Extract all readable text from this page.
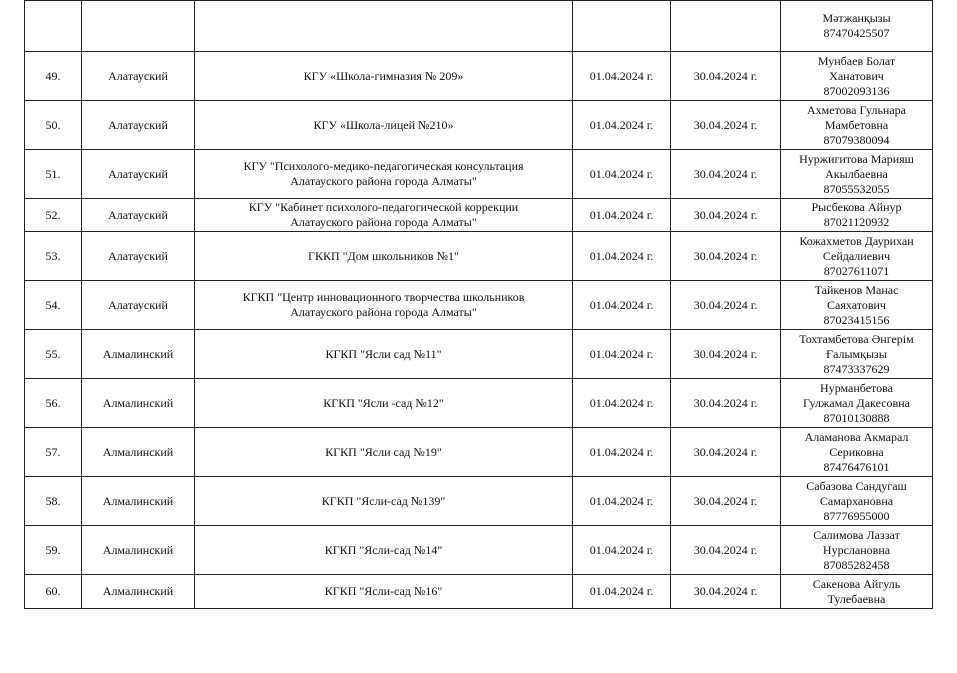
					Мәтжанқызы
87470425507
49.	Алатауский	КГУ «Школа-гимназия № 209»	01.04.2024 г.	30.04.2024 г.	Мунбаев Болат
Ханатович
87002093136
50.	Алатауский	КГУ «Школа-лицей №210»	01.04.2024 г.	30.04.2024 г.	Ахметова Гульнара
Мамбетовна
87079380094
51.	Алатауский	КГУ "Психолого-медико-педагогическая консультация
Алатауского района города Алматы"	01.04.2024 г.	30.04.2024 г.	Нуржигитова Марияш
Акылбаевна
87055532055
52.	Алатауский	КГУ "Кабинет психолого-педагогической коррекции
Алатауского района города Алматы"	01.04.2024 г.	30.04.2024 г.	Рысбекова Айнур
87021120932
53.	Алатауский	ГККП "Дом школьников №1"	01.04.2024 г.	30.04.2024 г.	Кожахметов Даурихан
Сейдалиевич
87027611071
54.	Алатауский	КГКП "Центр инновационного творчества школьников
Алатауского района города Алматы"	01.04.2024 г.	30.04.2024 г.	Тайкенов Манас
Саяхатович
87023415156
55.	Алмалинский	КГКП "Ясли сад №11"	01.04.2024 г.	30.04.2024 г.	Тохтамбетова Әнгерім
Ғалымқызы
87473337629
56.	Алмалинский	КГКП "Ясли -сад №12"	01.04.2024 г.	30.04.2024 г.	Нурманбетова
Гулжамал Дакесовна
87010130888
57.	Алмалинский	КГКП "Ясли сад №19"	01.04.2024 г.	30.04.2024 г.	Аламанова Акмарал
Сериковна
87476476101
58.	Алмалинский	КГКП "Ясли-сад №139"	01.04.2024 г.	30.04.2024 г.	Сабазова Сандугаш
Самархановна
87776955000
59.	Алмалинский	КГКП "Ясли-сад №14"	01.04.2024 г.	30.04.2024 г.	Салимова Лаззат
Нурслановна
87085282458
60.	Алмалинский	КГКП "Ясли-сад №16"	01.04.2024 г.	30.04.2024 г.	Сакенова Айгуль
Тулебаевна
